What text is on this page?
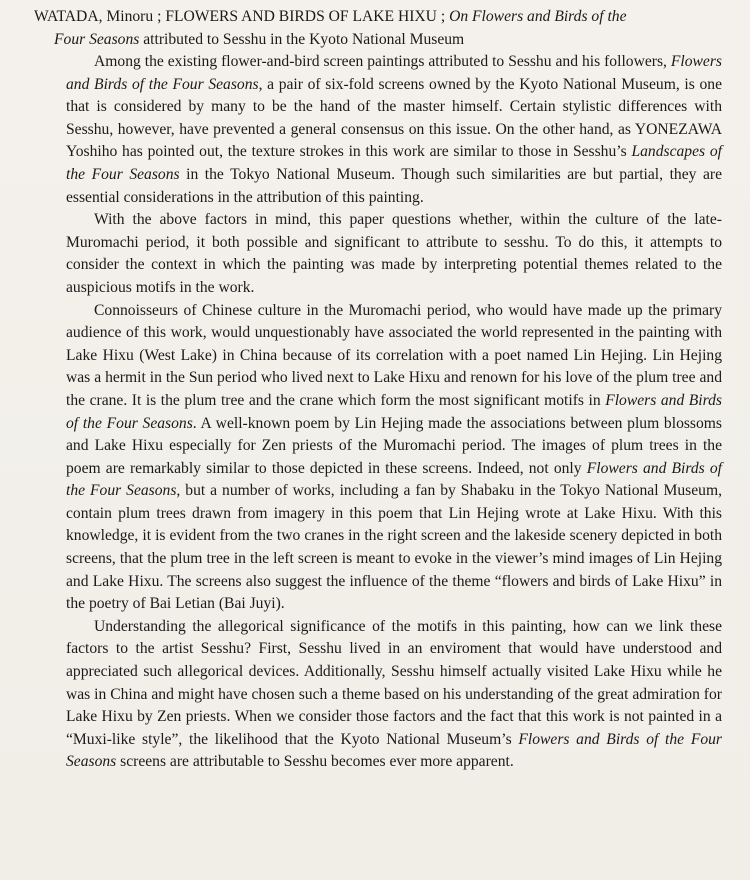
WATADA, Minoru ; FLOWERS AND BIRDS OF LAKE HIXU ; On Flowers and Birds of the
Four Seasons attributed to Sesshu in the Kyoto National Museum

Among the existing flower-and-bird screen paintings attributed to Sesshu and his followers, Flowers and Birds of the Four Seasons, a pair of six-fold screens owned by the Kyoto National Museum, is one that is considered by many to be the hand of the master himself. Certain stylistic differences with Sesshu, however, have prevented a general consensus on this issue. On the other hand, as YONEZAWA Yoshiho has pointed out, the texture strokes in this work are similar to those in Sesshu’s Landscapes of the Four Seasons in the Tokyo National Museum. Though such similarities are but partial, they are essential considerations in the attribution of this painting.

With the above factors in mind, this paper questions whether, within the culture of the late-Muromachi period, it both possible and significant to attribute to sesshu. To do this, it attempts to consider the context in which the painting was made by interpreting potential themes related to the auspicious motifs in the work.

Connoisseurs of Chinese culture in the Muromachi period, who would have made up the primary audience of this work, would unquestionably have associated the world represented in the painting with Lake Hixu (West Lake) in China because of its correlation with a poet named Lin Hejing. Lin Hejing was a hermit in the Sun period who lived next to Lake Hixu and renown for his love of the plum tree and the crane. It is the plum tree and the crane which form the most significant motifs in Flowers and Birds of the Four Seasons. A well-known poem by Lin Hejing made the associations between plum blossoms and Lake Hixu especially for Zen priests of the Muromachi period. The images of plum trees in the poem are remarkably similar to those depicted in these screens. Indeed, not only Flowers and Birds of the Four Seasons, but a number of works, including a fan by Shabaku in the Tokyo National Museum, contain plum trees drawn from imagery in this poem that Lin Hejing wrote at Lake Hixu. With this knowledge, it is evident from the two cranes in the right screen and the lakeside scenery depicted in both screens, that the plum tree in the left screen is meant to evoke in the viewer’s mind images of Lin Hejing and Lake Hixu. The screens also suggest the influence of the theme “flowers and birds of Lake Hixu” in the poetry of Bai Letian (Bai Juyi).

Understanding the allegorical significance of the motifs in this painting, how can we link these factors to the artist Sesshu? First, Sesshu lived in an enviroment that would have understood and appreciated such allegorical devices. Additionally, Sesshu himself actually visited Lake Hixu while he was in China and might have chosen such a theme based on his understanding of the great admiration for Lake Hixu by Zen priests. When we consider those factors and the fact that this work is not painted in a “Muxi-like style”, the likelihood that the Kyoto National Museum’s Flowers and Birds of the Four Seasons screens are attributable to Sesshu becomes ever more apparent.
